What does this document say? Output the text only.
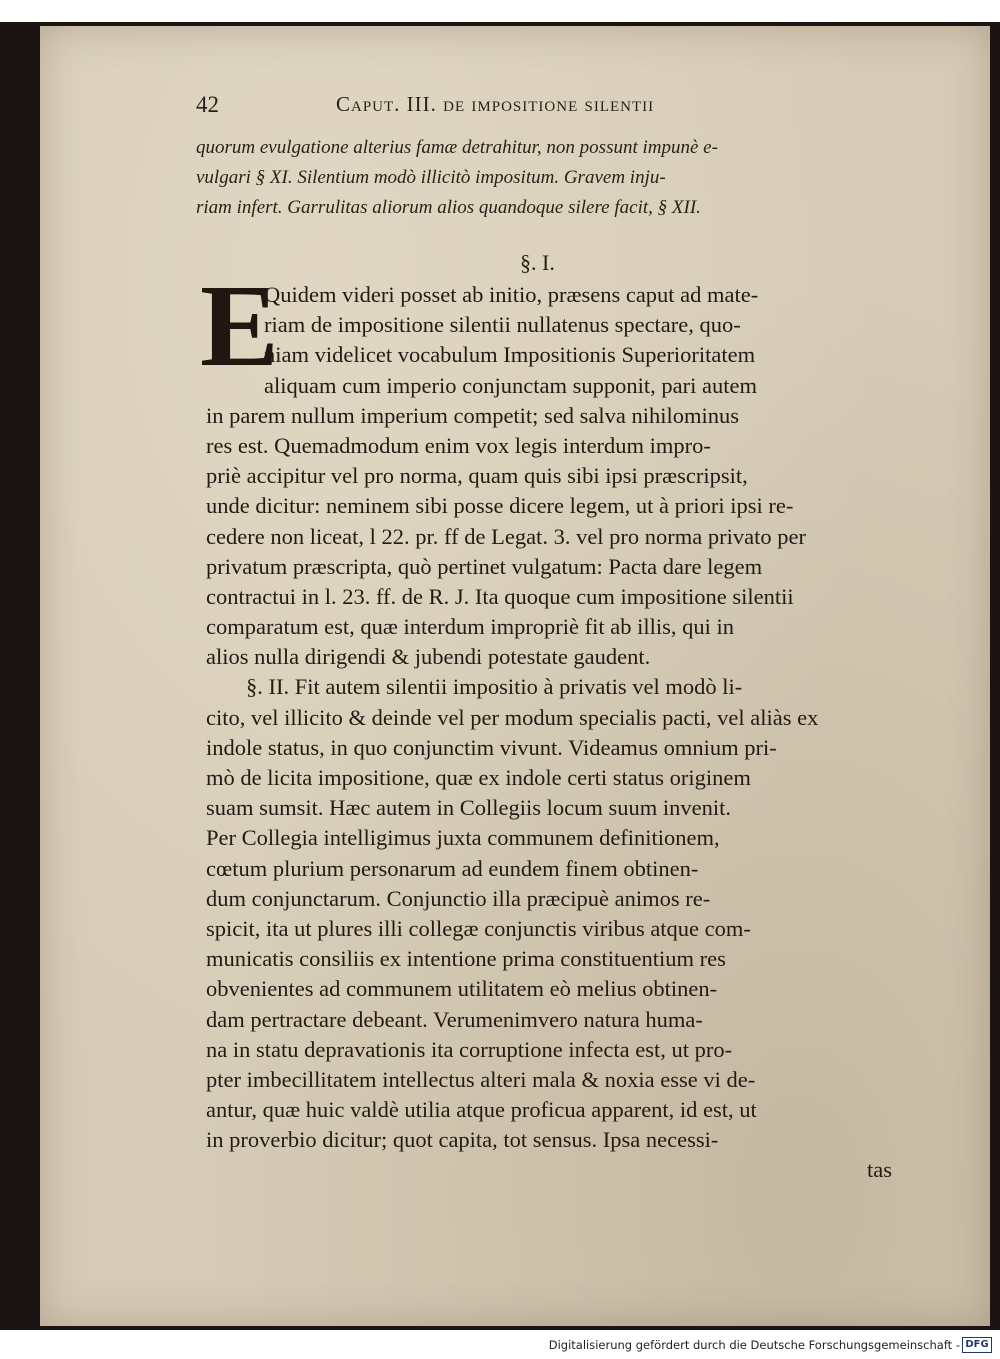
42	Caput. III. de impositione silentii
quorum evulgatione alterius famæ detrahitur, non possunt impunè e-
vulgari § XI. Silentium modò illicitò impositum. Gravem inju-
riam infert. Garrulitas aliorum alios quandoque silere facit, § XII.
§. I.
E
Quidem videri posset ab initio, præsens caput ad mate-
riam de impositione silentii nullatenus spectare, quo-
niam videlicet vocabulum Impositionis Superioritatem
aliquam cum imperio conjunctam supponit, pari autem
in parem nullum imperium competit; sed salva nihilominus
res est. Quemadmodum enim vox legis interdum impro-
priè accipitur vel pro norma, quam quis sibi ipsi præscripsit,
unde dicitur: neminem sibi posse dicere legem, ut à priori ipsi re-
cedere non liceat, l 22. pr. ff de Legat. 3. vel pro norma privato per
privatum præscripta, quò pertinet vulgatum: Pacta dare legem
contractui in l. 23. ff. de R. J. Ita quoque cum impositione silentii
comparatum est, quæ interdum impropriè fit ab illis, qui in
alios nulla dirigendi & jubendi potestate gaudent.
§. II. Fit autem silentii impositio à privatis vel modò li-
cito, vel illicito & deinde vel per modum specialis pacti, vel aliàs ex
indole status, in quo conjunctim vivunt. Videamus omnium pri-
mò de licita impositione, quæ ex indole certi status originem
suam sumsit. Hæc autem in Collegiis locum suum invenit.
Per Collegia intelligimus juxta communem definitionem,
cœtum plurium personarum ad eundem finem obtinen-
dum conjunctarum. Conjunctio illa præcipuè animos re-
spicit, ita ut plures illi collegæ conjunctis viribus atque com-
municatis consiliis ex intentione prima constituentium res
obvenientes ad communem utilitatem eò melius obtinen-
dam pertractare debeant. Verumenimvero natura huma-
na in statu depravationis ita corruptione infecta est, ut pro-
pter imbecillitatem intellectus alteri mala & noxia esse vi de-
antur, quæ huic valdè utilia atque proficua apparent, id est, ut
in proverbio dicitur; quot capita, tot sensus. Ipsa necessi-
tas
Digitalisierung gefördert durch die Deutsche Forschungsgemeinschaft - DFG
